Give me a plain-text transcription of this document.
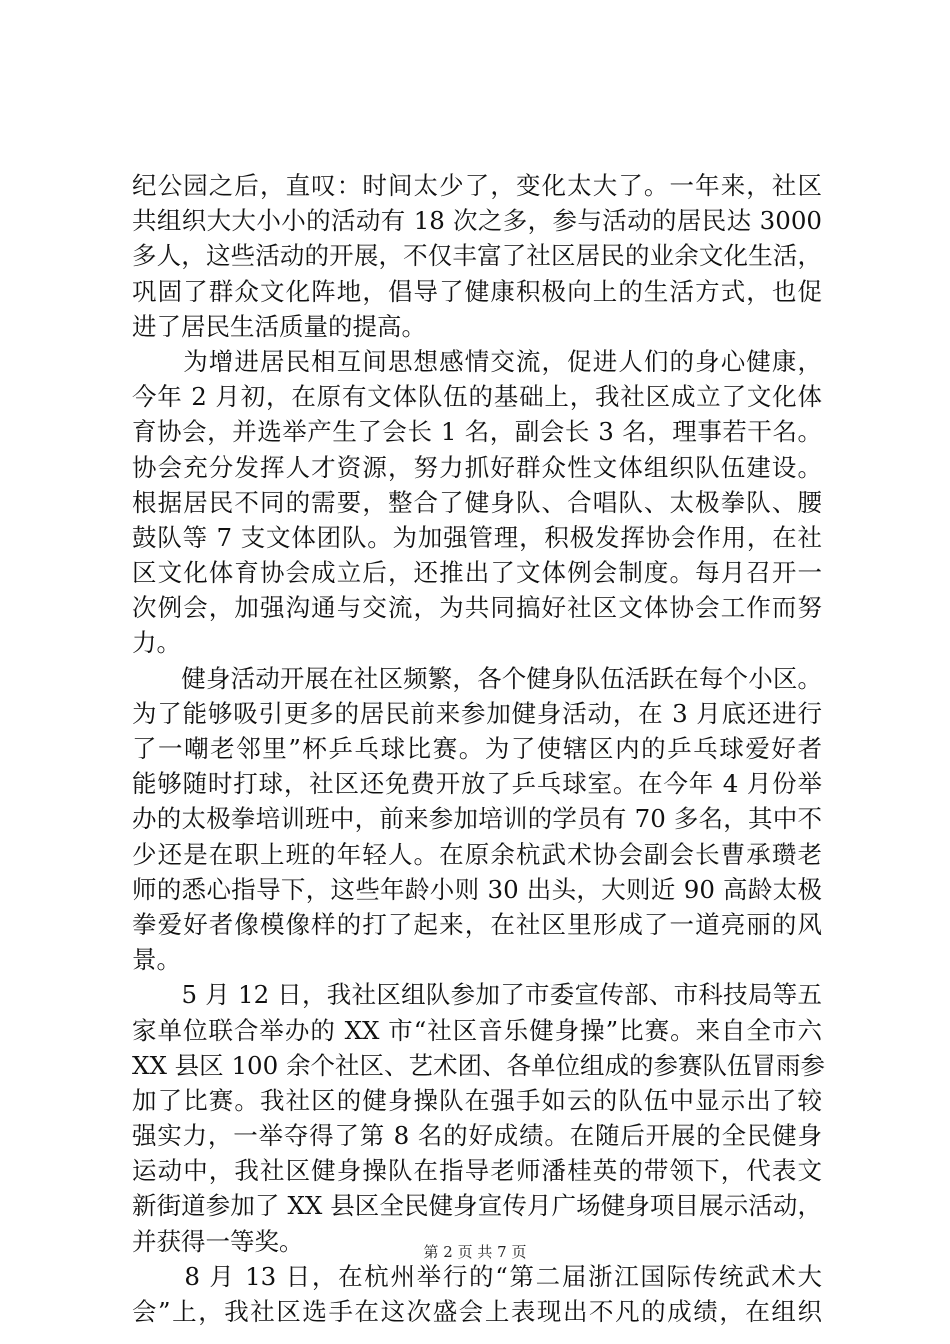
纪公园之后，直叹：时间太少了，变化太大了。一年来，社区
共组织大大小小的活动有 18 次之多，参与活动的居民达 3000
多人，这些活动的开展，不仅丰富了社区居民的业余文化生活，
巩固了群众文化阵地，倡导了健康积极向上的生活方式，也促
进了居民生活质量的提高。
　　为增进居民相互间思想感情交流，促进人们的身心健康，
今年 2 月初，在原有文体队伍的基础上，我社区成立了文化体
育协会，并选举产生了会长 1 名，副会长 3 名，理事若干名。
协会充分发挥人才资源，努力抓好群众性文体组织队伍建设。
根据居民不同的需要，整合了健身队、合唱队、太极拳队、腰
鼓队等 7 支文体团队。为加强管理，积极发挥协会作用，在社
区文化体育协会成立后，还推出了文体例会制度。每月召开一
次例会，加强沟通与交流，为共同搞好社区文体协会工作而努
力。
　　健身活动开展在社区频繁，各个健身队伍活跃在每个小区。
为了能够吸引更多的居民前来参加健身活动，在 3 月底还进行
了一嘲老邻里”杯乒乓球比赛。为了使辖区内的乒乓球爱好者
能够随时打球，社区还免费开放了乒乓球室。在今年 4 月份举
办的太极拳培训班中，前来参加培训的学员有 70 多名，其中不
少还是在职上班的年轻人。在原余杭武术协会副会长曹承瓒老
师的悉心指导下，这些年龄小则 30 出头，大则近 90 高龄太极
拳爱好者像模像样的打了起来，在社区里形成了一道亮丽的风
景。
　　5 月 12 日，我社区组队参加了市委宣传部、市科技局等五
家单位联合举办的 XX 市“社区音乐健身操”比赛。来自全市六
XX 县区 100 余个社区、艺术团、各单位组成的参赛队伍冒雨参
加了比赛。我社区的健身操队在强手如云的队伍中显示出了较
强实力，一举夺得了第 8 名的好成绩。在随后开展的全民健身
运动中，我社区健身操队在指导老师潘桂英的带领下，代表文
新街道参加了 XX 县区全民健身宣传月广场健身项目展示活动，
并获得一等奖。
　　8 月 13 日，在杭州举行的“第二届浙江国际传统武术大
会”上，我社区选手在这次盛会上表现出不凡的成绩，在组织
第 2 页 共 7 页
